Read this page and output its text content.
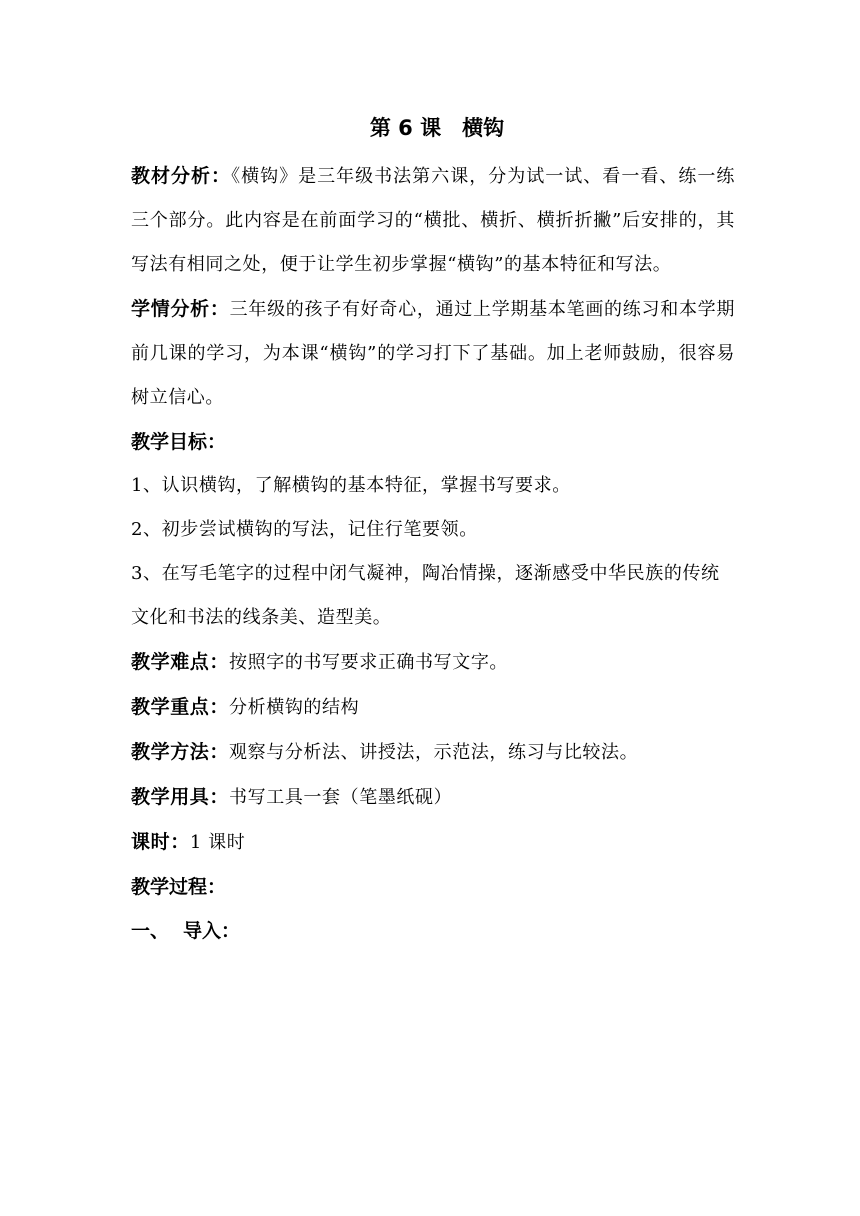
第 6 课　横钩

教材分析：《横钩》是三年级书法第六课，分为试一试、看一看、练一练三个部分。此内容是在前面学习的“横批、横折、横折折撇”后安排的，其写法有相同之处，便于让学生初步掌握“横钩”的基本特征和写法。

学情分析：三年级的孩子有好奇心，通过上学期基本笔画的练习和本学期前几课的学习，为本课“横钩”的学习打下了基础。加上老师鼓励，很容易树立信心。

教学目标：

1、认识横钩，了解横钩的基本特征，掌握书写要求。

2、初步尝试横钩的写法，记住行笔要领。

3、在写毛笔字的过程中闭气凝神，陶冶情操，逐渐感受中华民族的传统文化和书法的线条美、造型美。

教学难点：按照字的书写要求正确书写文字。

教学重点：分析横钩的结构

教学方法：观察与分析法、讲授法，示范法，练习与比较法。

教学用具：书写工具一套（笔墨纸砚）

课时：1 课时

教学过程：

一、 导入：
